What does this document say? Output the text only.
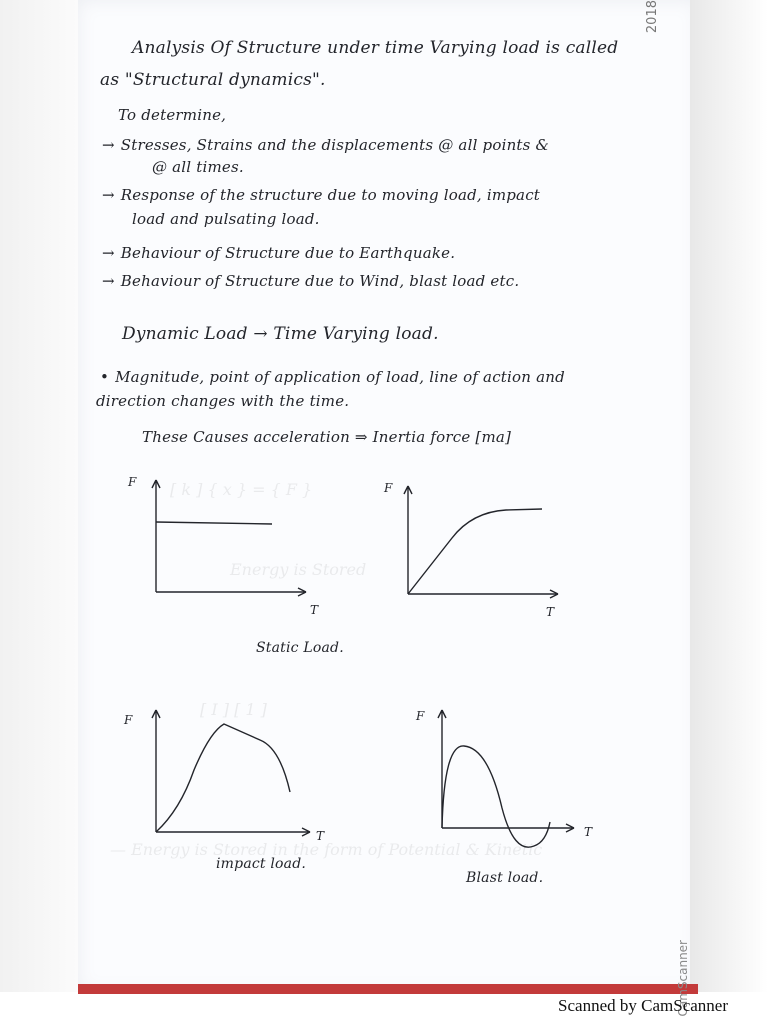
[ k ] { x } = { F }
Energy is Stored
[ I ] [ 1 ]
— Energy is Stored in the form of Potential & Kinetic
2018
Analysis Of Structure under time Varying load is called
as "Structural dynamics".
To determine,
→ Stresses, Strains and the displacements @ all points &
@ all times.
→ Response of the structure due to moving load, impact
load and pulsating load.
→ Behaviour of Structure due to Earthquake.
→ Behaviour of Structure due to Wind, blast load etc.
Dynamic Load → Time Varying load.
• Magnitude, point of application of load, line of action and
direction changes with the time.
These Causes acceleration ⇒ Inertia force [ma]
F
T
F
T
Static Load.
F
T
impact load.
F
T
Blast load.
CamScanner
Scanned by CamScanner
